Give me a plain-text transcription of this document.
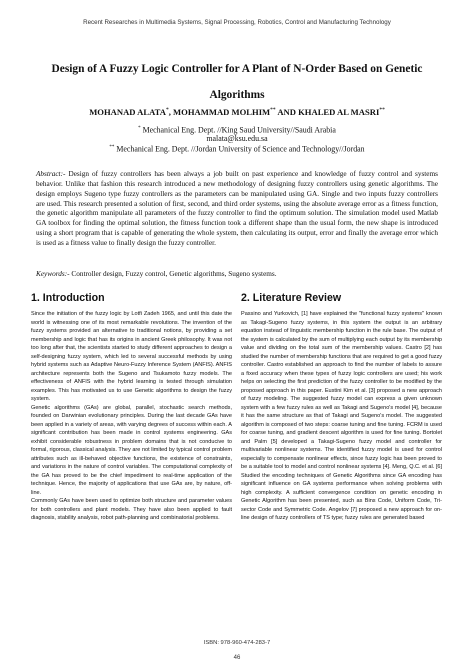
Recent Researches in Multimedia Systems, Signal Processing, Robotics, Control and Manufacturing Technology
Design of A Fuzzy Logic Controller for A Plant of N-Order Based on Genetic Algorithms
MOHANAD ALATA*, MOHAMMAD MOLHIM** AND KHALED AL MASRI**
* Mechanical Eng. Dept. //King Saud University//Saudi Arabia
malata@ksu.edu.sa
** Mechanical Eng. Dept. //Jordan University of Science and Technology//Jordan
Abstract:- Design of fuzzy controllers has been always a job built on past experience and knowledge of fuzzy control and systems behavior. Unlike that fashion this research introduced a new methodology of designing fuzzy controllers using genetic algorithms. The design employs Sugeno type fuzzy controllers as the parameters can be manipulated using GA. Single and two inputs fuzzy controllers are used. This research presented a solution of first, second, and third order systems, using the absolute average error as a fitness function, the genetic algorithm manipulate all parameters of the fuzzy controller to find the optimum solution. The simulation model used Matlab GA toolbox for finding the optimal solution, the fitness function took a different shape than the usual form, the new shape is introduced using a short program that is capable of generating the whole system, then calculating its output, error and finally the average error which is used as a fitness value to finally design the fuzzy controller.
Keywords:- Controller design, Fuzzy control, Genetic algorithms, Sugeno systems.
1. Introduction

Since the initiation of the fuzzy logic by Lotfi Zadeh 1965, and until this date the world is witnessing one of its most remarkable revolutions. The invention of the fuzzy systems provided an alternative to traditional notions, by providing a set membership and logic that has its origins in ancient Greek philosophy. It was not too long after that, the scientists started to study different approaches to design a self-designing fuzzy system, which led to several successful methods by using hybrid systems such as Adaptive Neuro-Fuzzy Inference System (ANFIS). ANFIS architecture represents both the Sugeno and Tsukamoto fuzzy models. The effectiveness of ANFIS with the hybrid learning is tested through simulation examples. This has motivated us to use Genetic algorithms to design the fuzzy system.

Genetic algorithms (GAs) are global, parallel, stochastic search methods, founded on Darwinian evolutionary principles. During the last decade GAs have been applied in a variety of areas, with varying degrees of success within each. A significant contribution has been made in control systems engineering. GAs exhibit considerable robustness in problem domains that is not conducive to formal, rigorous, classical analysis. They are not limited by typical control problem attributes such as ill-behaved objective functions, the existence of constraints, and variations in the nature of control variables. The computational complexity of the GA has proved to be the chief impediment to real-time application of the technique. Hence, the majority of applications that use GAs are, by nature, off-line.

Commonly GAs have been used to optimize both structure and parameter values for both controllers and plant models. They have also been applied to fault diagnosis, stability analysis, robot path-planning and combinatorial problems.

2. Literature Review

Passino and Yurkovich, [1] have explained the "functional fuzzy systems" known as Takagi-Sugeno fuzzy systems, in this system the output is an arbitrary equation instead of linguistic membership function in the rule base. The output of the system is calculated by the sum of multiplying each output by its membership value and dividing on the total sum of the membership values. Castro [2] has studied the number of membership functions that are required to get a good fuzzy controller. Castro established an approach to find the number of labels to assure a fixed accuracy when these types of fuzzy logic controllers are used; his work helps on selecting the first prediction of the fuzzy controller to be modified by the proposed approach in this paper. Eustini Kim et al. [3] proposed a new approach of fuzzy modeling. The suggested fuzzy model can express a given unknown system with a few fuzzy rules as well as Takagi and Sugeno's model [4], because it has the same structure as that of Takagi and Sugeno's model. The suggested algorithm is composed of two steps: coarse tuning and fine tuning. FCRM is used for coarse tuning, and gradient descent algorithm is used for fine tuning. Bortolet and Palm [5] developed a Takagi-Sugeno fuzzy model and controller for multivariable nonlinear systems. The identified fuzzy model is used for control especially to compensate nonlinear effects, since fuzzy logic has been proved to be a suitable tool to model and control nonlinear systems [4]. Meng, Q.C. et al. [6] Studied the encoding techniques of Genetic Algorithms since GA encoding has significant influence on GA systems performance when solving problems with high complexity. A sufficient convergence condition on genetic encoding in Genetic Algorithm has been presented, such as Bins Code, Uniform Code, Tri-sector Code and Symmetric Code. Angelov [7] proposed a new approach for on-line design of fuzzy controllers of TS type; fuzzy rules are generated based

ISBN: 978-960-474-283-7
46
